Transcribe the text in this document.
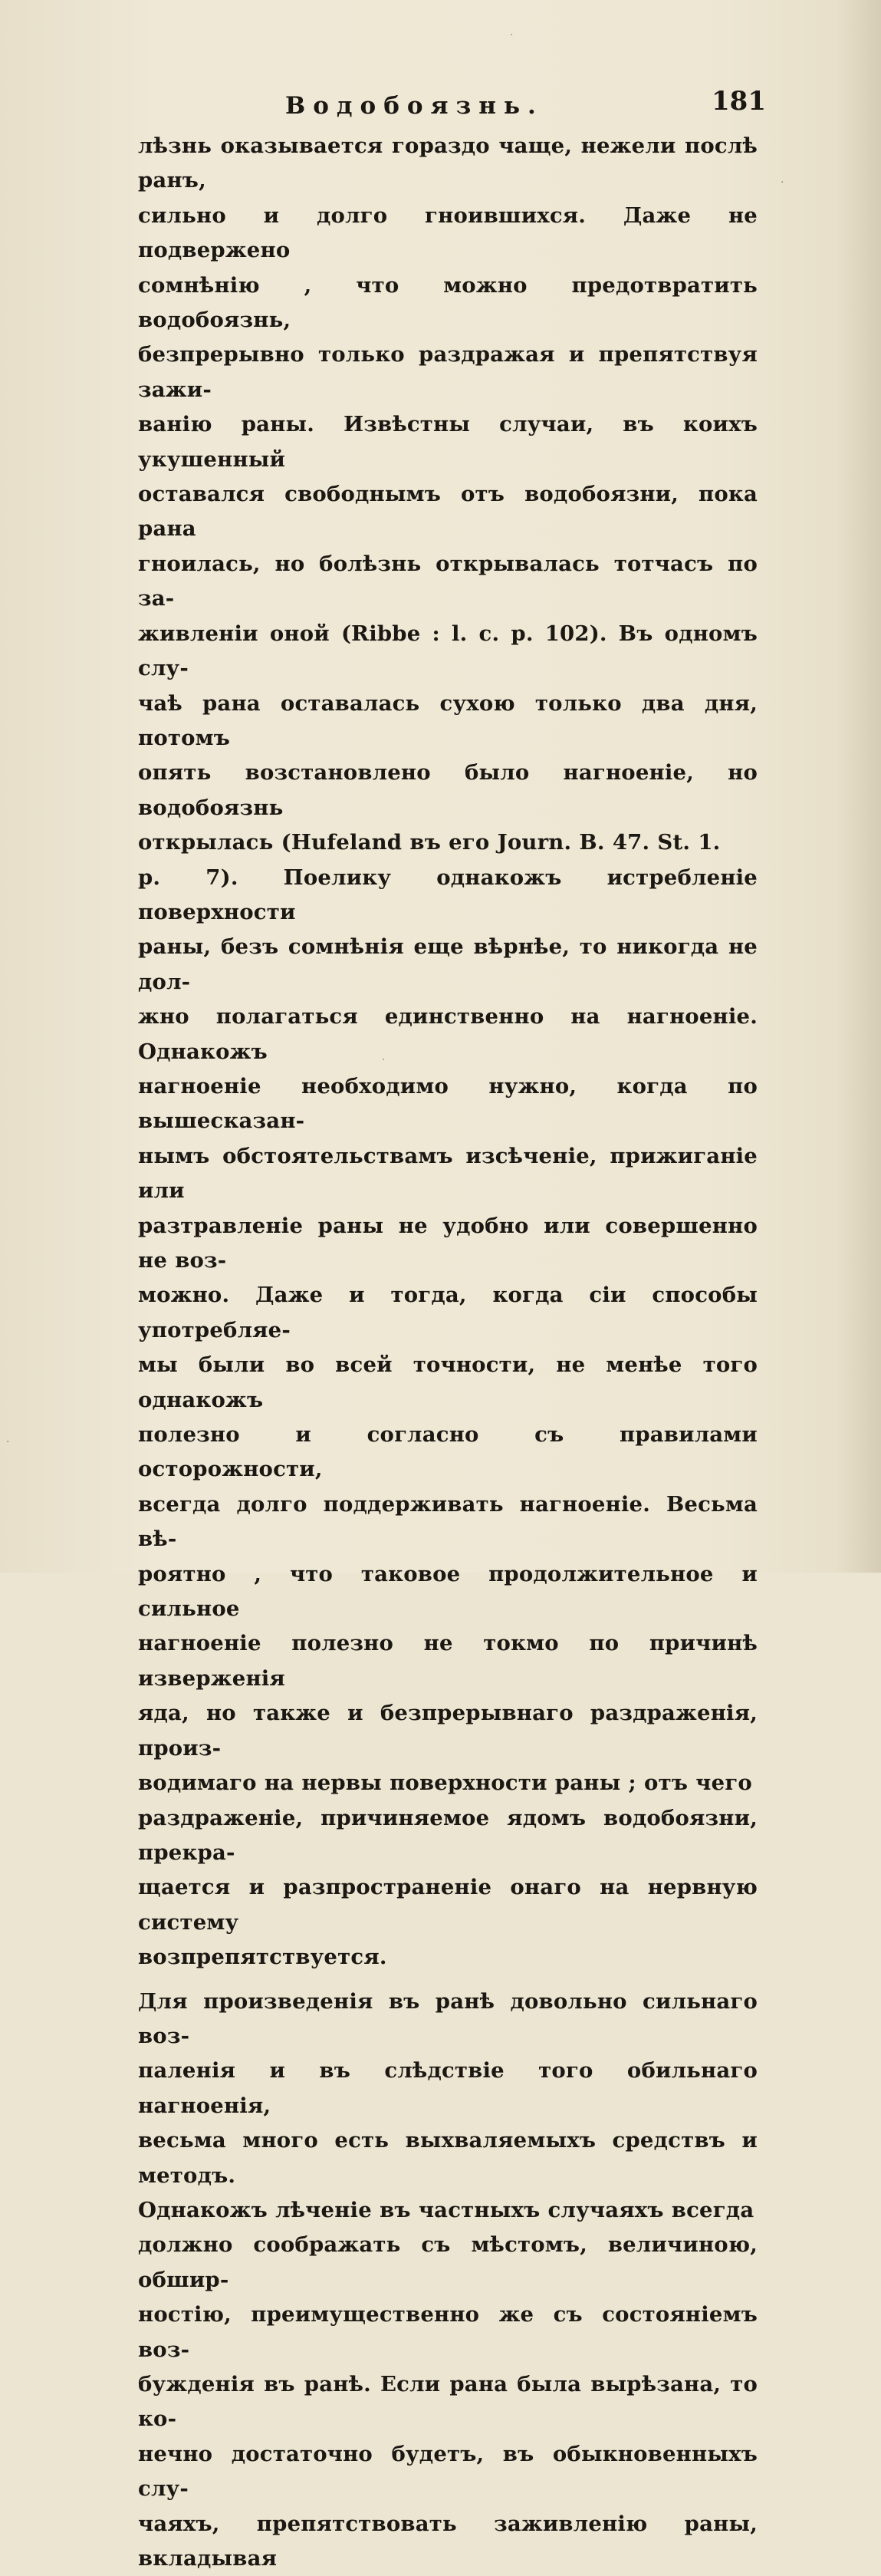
Водобоязнь.	181

лѣзнь оказывается гораздо чаще, нежели послѣ ранъ,
сильно и долго гноившихся. Даже не подвержено
сомнѣнію , что можно предотвратить водобоязнь,
безпрерывно только раздражая и препятствуя зажи-
ванію раны. Извѣстны случаи, въ коихъ укушенный
оставался свободнымъ отъ водобоязни, пока рана
гноилась, но болѣзнь открывалась тотчасъ по за-
живленіи оной (Ribbe : l. c. p. 102). Въ одномъ слу-
чаѣ рана оставалась сухою только два дня, потомъ
опять возстановлено было нагноеніе, но водобоязнь
открылась (Hufeland въ его Journ. B. 47. St. 1.
p. 7). Поелику однакожъ истребленіе поверхности
раны, безъ сомнѣнія еще вѣрнѣе, то никогда не дол-
жно полагаться единственно на нагноеніе. Однакожъ
нагноеніе необходимо нужно, когда по вышесказан-
нымъ обстоятельствамъ изсѣченіе, прижиганіе или
разтравленіе раны не удобно или совершенно не воз-
можно. Даже и тогда, когда сіи способы употребляе-
мы были во всей точности, не менѣе того однакожъ
полезно и согласно съ правилами осторожности,
всегда долго поддерживать нагноеніе. Весьма вѣ-
роятно , что таковое продолжительное и сильное
нагноеніе полезно не токмо по причинѣ изверженія
яда, но также и безпрерывнаго раздраженія, произ-
водимаго на нервы поверхности раны ; отъ чего
раздраженіе, причиняемое ядомъ водобоязни, прекра-
щается и разпространеніе онаго на нервную систему
возпрепятствуется.

Для произведенія въ ранѣ довольно сильнаго воз-
паленія и въ слѣдствіе того обильнаго нагноенія,
весьма много есть выхваляемыхъ средствъ и методъ.
Однакожъ лѣченіе въ частныхъ случаяхъ всегда
должно соображать съ мѣстомъ, величиною, обшир-
ностію, преимущественно же съ состояніемъ воз-
бужденія въ ранѣ. Если рана была вырѣзана, то ко-
нечно достаточно будетъ, въ обыкновенныхъ слу-
чаяхъ, препятствовать заживленію раны, вкладывая

·
·
·
·
